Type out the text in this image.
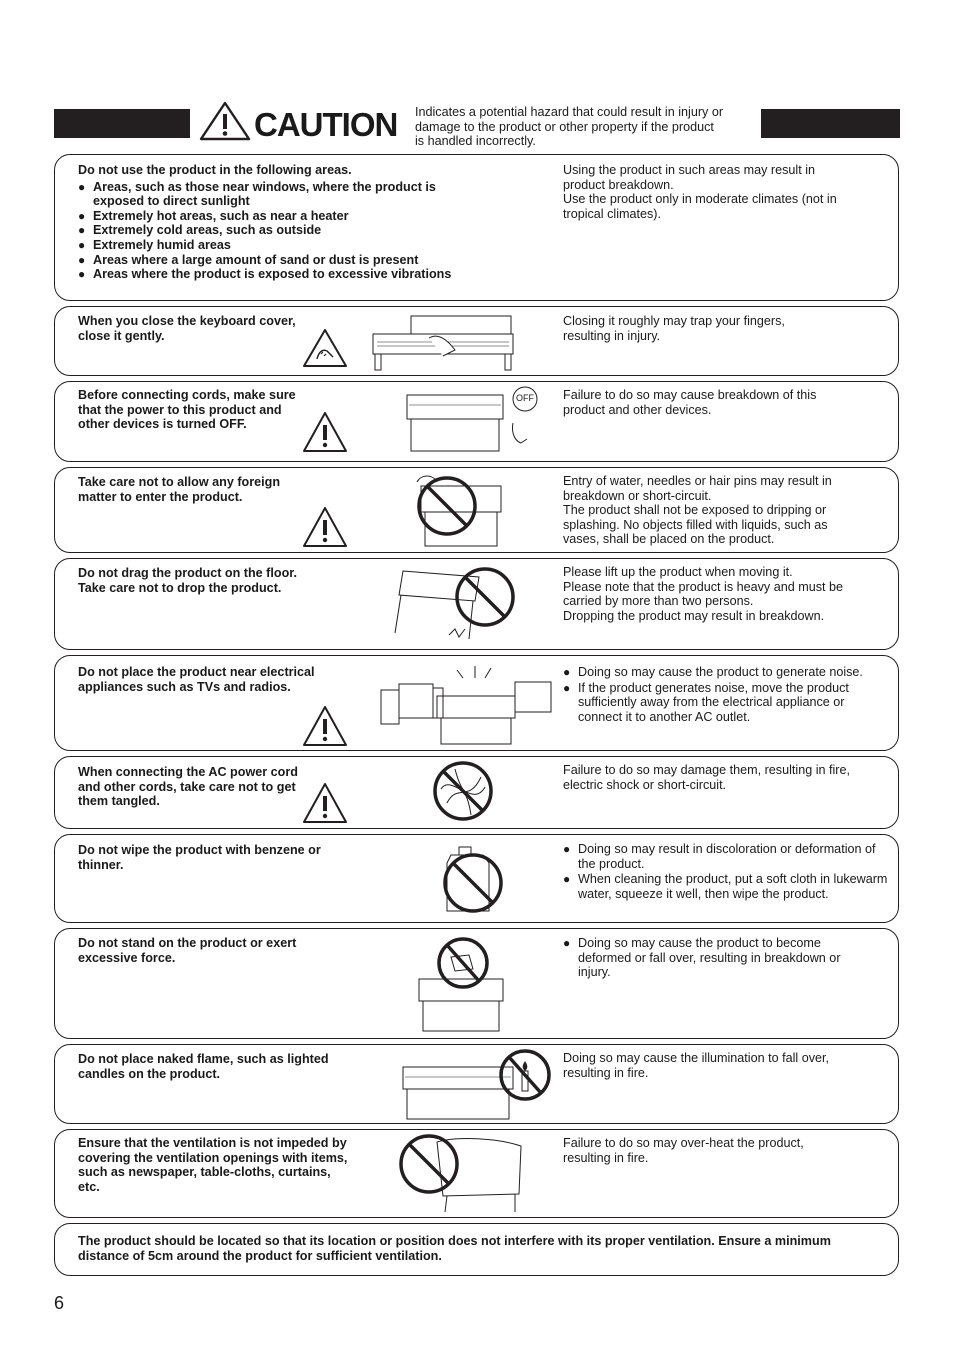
CAUTION Indicates a potential hazard that could result in injury or
damage to the product or other property if the product
is handled incorrectly.
Do not use the product in the following areas.
● Areas, such as those near windows, where the product is exposed to direct sunlight
● Extremely hot areas, such as near a heater
● Extremely cold areas, such as outside
● Extremely humid areas
● Areas where a large amount of sand or dust is present
● Areas where the product is exposed to excessive vibrations
Using the product in such areas may result in product breakdown.
Use the product only in moderate climates (not in tropical climates).
When you close the keyboard cover, close it gently.
Closing it roughly may trap your fingers, resulting in injury.
Before connecting cords, make sure that the power to this product and other devices is turned OFF.
OFF Failure to do so may cause breakdown of this product and other devices.
Take care not to allow any foreign matter to enter the product.
Entry of water, needles or hair pins may result in breakdown or short-circuit.
The product shall not be exposed to dripping or splashing. No objects filled with liquids, such as vases, shall be placed on the product.
Do not drag the product on the floor.
Take care not to drop the product.
Please lift up the product when moving it.
Please note that the product is heavy and must be carried by more than two persons.
Dropping the product may result in breakdown.
Do not place the product near electrical appliances such as TVs and radios.
● Doing so may cause the product to generate noise.
● If the product generates noise, move the product sufficiently away from the electrical appliance or connect it to another AC outlet.
When connecting the AC power cord and other cords, take care not to get them tangled.
Failure to do so may damage them, resulting in fire, electric shock or short-circuit.
Do not wipe the product with benzene or thinner.
● Doing so may result in discoloration or deformation of the product.
● When cleaning the product, put a soft cloth in lukewarm water, squeeze it well, then wipe the product.
Do not stand on the product or exert excessive force.
● Doing so may cause the product to become deformed or fall over, resulting in breakdown or injury.
Do not place naked flame, such as lighted candles on the product.
Doing so may cause the illumination to fall over, resulting in fire.
Ensure that the ventilation is not impeded by covering the ventilation openings with items, such as newspaper, table-cloths, curtains, etc.
Failure to do so may over-heat the product, resulting in fire.
The product should be located so that its location or position does not interfere with its proper ventilation. Ensure a minimum distance of 5cm around the product for sufficient ventilation.
6
